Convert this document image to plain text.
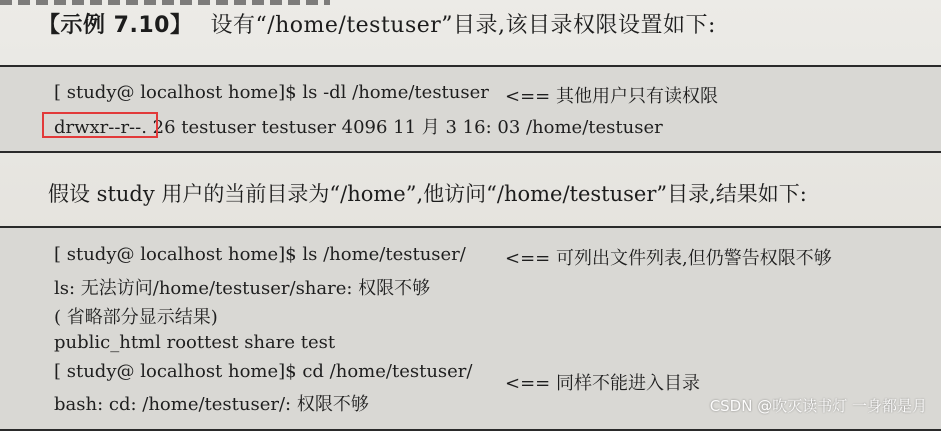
【示例 7.10】 设有“/home/testuser”目录,该目录权限设置如下:
[ study@ localhost home]$ ls -dl /home/testuser <== 其他用户只有读权限
drwxr--r--. 26 testuser testuser 4096 11 月 3 16: 03 /home/testuser
假设 study 用户的当前目录为“/home”,他访问“/home/testuser”目录,结果如下:
[ study@ localhost home]$ ls /home/testuser/ <== 可列出文件列表,但仍警告权限不够
ls: 无法访问/home/testuser/share: 权限不够
( 省略部分显示结果)
public_html roottest share test
[ study@ localhost home]$ cd /home/testuser/
<== 同样不能进入目录
bash: cd: /home/testuser/: 权限不够	CSDN @吹灭读书灯 一身都是月
